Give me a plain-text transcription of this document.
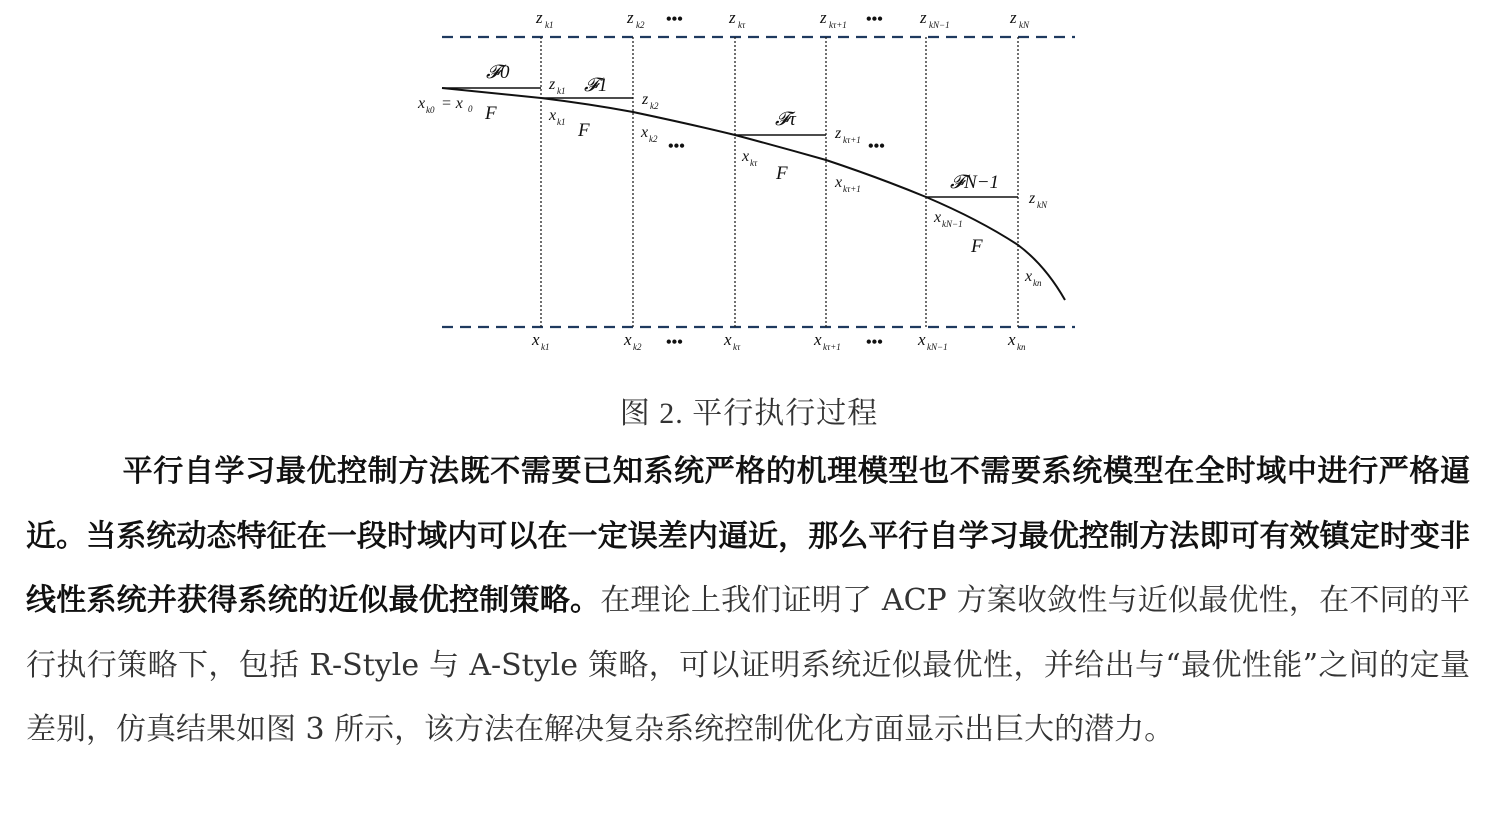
z k1	z k2	z kτ	z kτ+1	z kN−1	z kN
•••	•••
x k1	x k2	x kτ	x kτ+1	x kN−1	x kn
•••	•••
x k0 = x 0
𝓕0
𝓕1
𝓕τ
𝓕N−1
F
F
F
F
z k1	z k2
z kτ+1
z kN
•••
•••
x k1
x k2
x kτ
x kτ+1
x kN−1
x kn
图 2. 平行执行过程
平行自学习最优控制方法既不需要已知系统严格的机理模型也不需要系统模型在全时域中进行严格逼近。当系统动态特征在一段时域内可以在一定误差内逼近，那么平行自学习最优控制方法即可有效镇定时变非线性系统并获得系统的近似最优控制策略。在理论上我们证明了 ACP 方案收敛性与近似最优性，在不同的平行执行策略下，包括 R-Style 与 A-Style 策略，可以证明系统近似最优性，并给出与“最优性能”之间的定量差别，仿真结果如图 3 所示，该方法在解决复杂系统控制优化方面显示出巨大的潜力。
